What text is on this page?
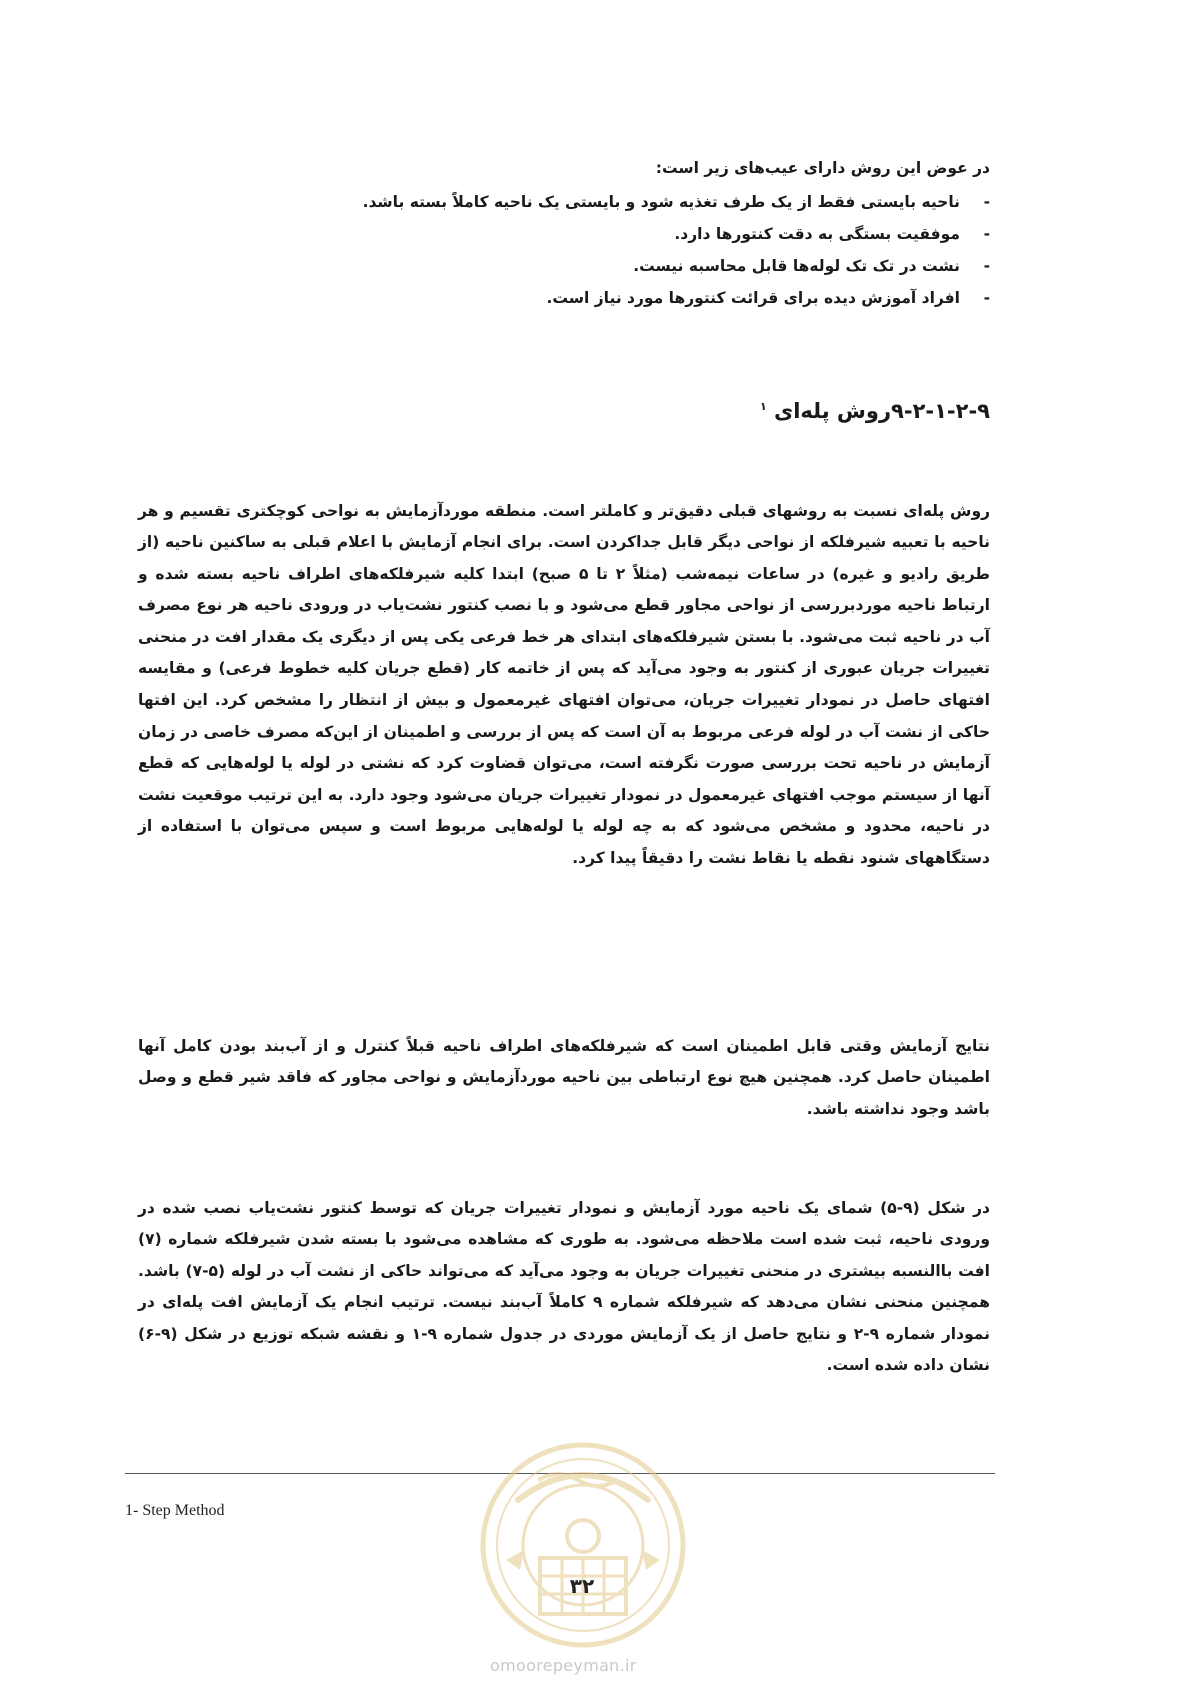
در عوض این روش دارای عیب‌های زیر است:

-
ناحیه بایستی فقط از یک طرف تغذیه شود و بایستی یک ناحیه کاملاً بسته باشد.
-
موفقیت بستگی به دقت کنتورها دارد.
-
نشت در تک تک لوله‌ها قابل محاسبه نیست.
-
افراد آموزش دیده برای قرائت کنتورها مورد نیاز است.
۹-۲-۱-۲-۹روش پله‌ای $^۱$

روش پله‌ای نسبت به روشهای قبلی دقیق‌تر و کاملتر است. منطقه موردآزمایش به نواحی کوچکتری تقسیم و هر ناحیه با تعبیه شیرفلکه از نواحی دیگر قابل جداکردن است. برای انجام آزمایش با اعلام قبلی به ساکنین ناحیه (از طریق رادیو و غیره) در ساعات نیمه‌شب (مثلاً ۲ تا ۵ صبح) ابتدا کلیه شیرفلکه‌های اطراف ناحیه بسته شده و ارتباط ناحیه موردبررسی از نواحی مجاور قطع می‌شود و با نصب کنتور نشت‌یاب در ورودی ناحیه هر نوع مصرف آب در ناحیه ثبت می‌شود. با بستن شیرفلکه‌های ابتدای هر خط فرعی یکی پس از دیگری یک مقدار افت در منحنی تغییرات جریان عبوری از کنتور به وجود می‌آید که پس از خاتمه کار (قطع جریان کلیه خطوط فرعی) و مقایسه افتهای حاصل در نمودار تغییرات جریان، می‌توان افتهای غیرمعمول و بیش از انتظار را مشخص کرد. این افتها حاکی از نشت آب در لوله فرعی مربوط به آن است که پس از بررسی و اطمینان از این‌که مصرف خاصی در زمان آزمایش در ناحیه تحت بررسی صورت نگرفته است، می‌توان قضاوت کرد که نشتی در لوله یا لوله‌هایی که قطع آنها از سیستم موجب افتهای غیرمعمول در نمودار تغییرات جریان می‌شود وجود دارد. به این ترتیب موقعیت نشت در ناحیه، محدود و مشخص می‌شود که به چه لوله یا لوله‌هایی مربوط است و سپس می‌توان با استفاده از دستگاههای شنود نقطه یا نقاط نشت را دقیقاً پیدا کرد.

نتایج آزمایش وقتی قابل اطمینان است که شیرفلکه‌های اطراف ناحیه قبلاً کنترل و از آب‌بند بودن کامل آنها اطمینان حاصل کرد. همچنین هیچ نوع ارتباطی بین ناحیه موردآزمایش و نواحی مجاور که فاقد شیر قطع و وصل باشد وجود نداشته باشد.

در شکل (۹-۵) شمای یک ناحیه مورد آزمایش و نمودار تغییرات جریان که توسط کنتور نشت‌یاب نصب شده در ورودی ناحیه، ثبت شده است ملاحظه می‌شود. به طوری که مشاهده می‌شود با بسته شدن شیرفلکه شماره (۷) افت باالنسبه بیشتری در منحنی تغییرات جریان به وجود می‌آید که می‌تواند حاکی از نشت آب در لوله (۵-۷) باشد. همچنین منحنی نشان می‌دهد که شیرفلکه شماره ۹ کاملاً آب‌بند نیست. ترتیب انجام یک آزمایش افت پله‌ای در نمودار شماره ۹-۲ و نتایج حاصل از یک آزمایش موردی در جدول شماره ۹-۱ و نقشه شبکه توزیع در شکل (۹-۶) نشان داده شده است.

1- Step Method
۳۲
omoorepeyman.ir
